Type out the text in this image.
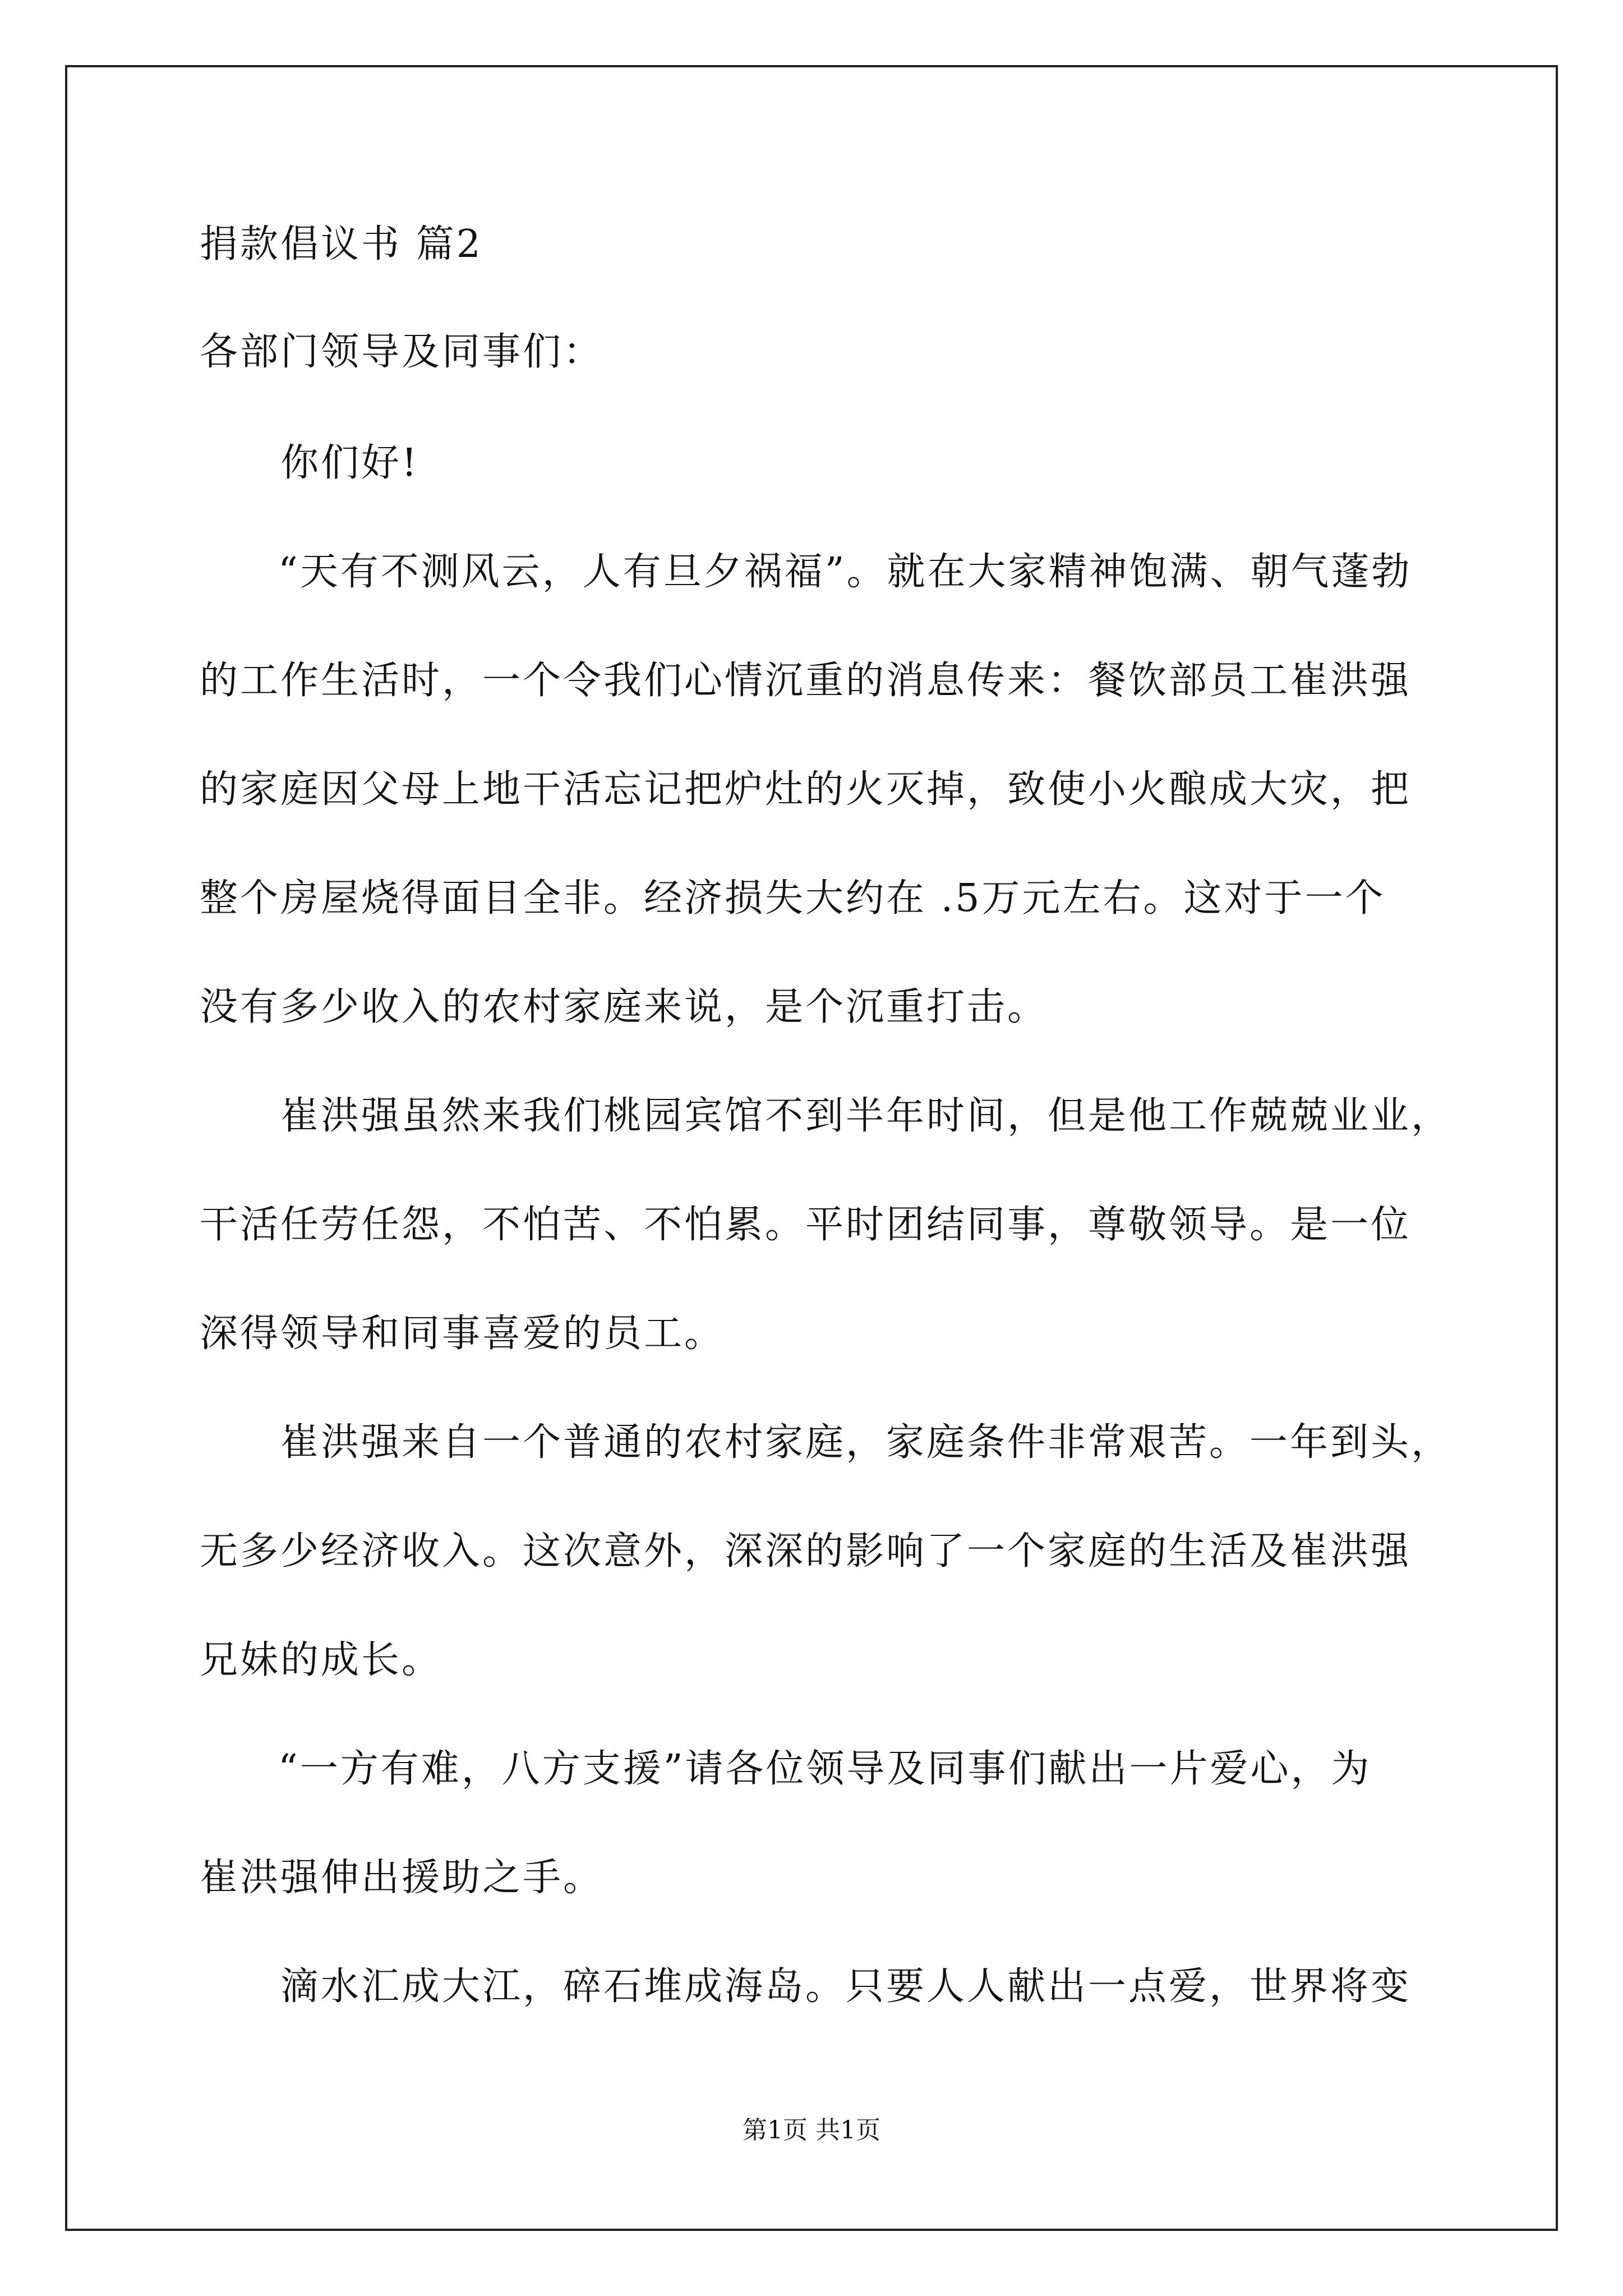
捐款倡议书 篇2
各部门领导及同事们：
你们好!
“天有不测风云，人有旦夕祸福”。就在大家精神饱满、朝气蓬勃
的工作生活时，一个令我们心情沉重的消息传来：餐饮部员工崔洪强
的家庭因父母上地干活忘记把炉灶的火灭掉，致使小火酿成大灾，把
整个房屋烧得面目全非。经济损失大约在 .5万元左右。这对于一个
没有多少收入的农村家庭来说，是个沉重打击。
崔洪强虽然来我们桃园宾馆不到半年时间，但是他工作兢兢业业，
干活任劳任怨，不怕苦、不怕累。平时团结同事，尊敬领导。是一位
深得领导和同事喜爱的员工。
崔洪强来自一个普通的农村家庭，家庭条件非常艰苦。一年到头，
无多少经济收入。这次意外，深深的影响了一个家庭的生活及崔洪强
兄妹的成长。
“一方有难，八方支援”请各位领导及同事们献出一片爱心，为
崔洪强伸出援助之手。
滴水汇成大江，碎石堆成海岛。只要人人献出一点爱，世界将变
第1页 共1页
